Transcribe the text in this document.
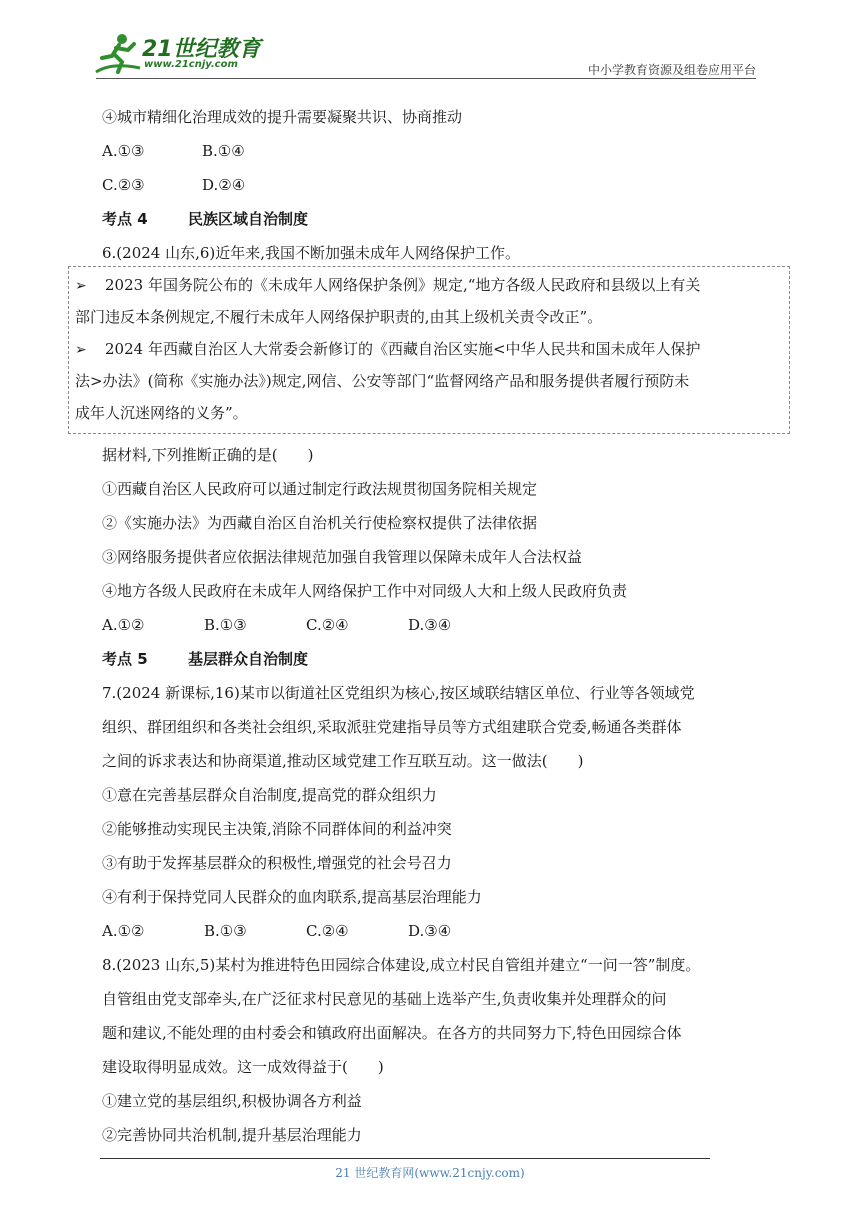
21世纪教育
www.21cnjy.com	中小学教育资源及组卷应用平台
④城市精细化治理成效的提升需要凝聚共识、协商推动
A.①③	B.①④
C.②③	D.②④
考点 4	民族区域自治制度
6.(2024 山东,6)近年来,我国不断加强未成年人网络保护工作。
➢ 2023 年国务院公布的《未成年人网络保护条例》规定,“地方各级人民政府和县级以上有关
部门违反本条例规定,不履行未成年人网络保护职责的,由其上级机关责令改正”。
➢ 2024 年西藏自治区人大常委会新修订的《西藏自治区实施<中华人民共和国未成年人保护
法>办法》(简称《实施办法》)规定,网信、公安等部门“监督网络产品和服务提供者履行预防未
成年人沉迷网络的义务”。
据材料,下列推断正确的是(　　)
①西藏自治区人民政府可以通过制定行政法规贯彻国务院相关规定
②《实施办法》为西藏自治区自治机关行使检察权提供了法律依据
③网络服务提供者应依据法律规范加强自我管理以保障未成年人合法权益
④地方各级人民政府在未成年人网络保护工作中对同级人大和上级人民政府负责
A.①②	B.①③	C.②④	D.③④
考点 5	基层群众自治制度
7.(2024 新课标,16)某市以街道社区党组织为核心,按区域联结辖区单位、行业等各领域党
组织、群团组织和各类社会组织,采取派驻党建指导员等方式组建联合党委,畅通各类群体
之间的诉求表达和协商渠道,推动区域党建工作互联互动。这一做法(　　)
①意在完善基层群众自治制度,提高党的群众组织力
②能够推动实现民主决策,消除不同群体间的利益冲突
③有助于发挥基层群众的积极性,增强党的社会号召力
④有利于保持党同人民群众的血肉联系,提高基层治理能力
A.①②	B.①③	C.②④	D.③④
8.(2023 山东,5)某村为推进特色田园综合体建设,成立村民自管组并建立“一问一答”制度。
自管组由党支部牵头,在广泛征求村民意见的基础上选举产生,负责收集并处理群众的问
题和建议,不能处理的由村委会和镇政府出面解决。在各方的共同努力下,特色田园综合体
建设取得明显成效。这一成效得益于(　　)
①建立党的基层组织,积极协调各方利益
②完善协同共治机制,提升基层治理能力
21 世纪教育网(www.21cnjy.com)
